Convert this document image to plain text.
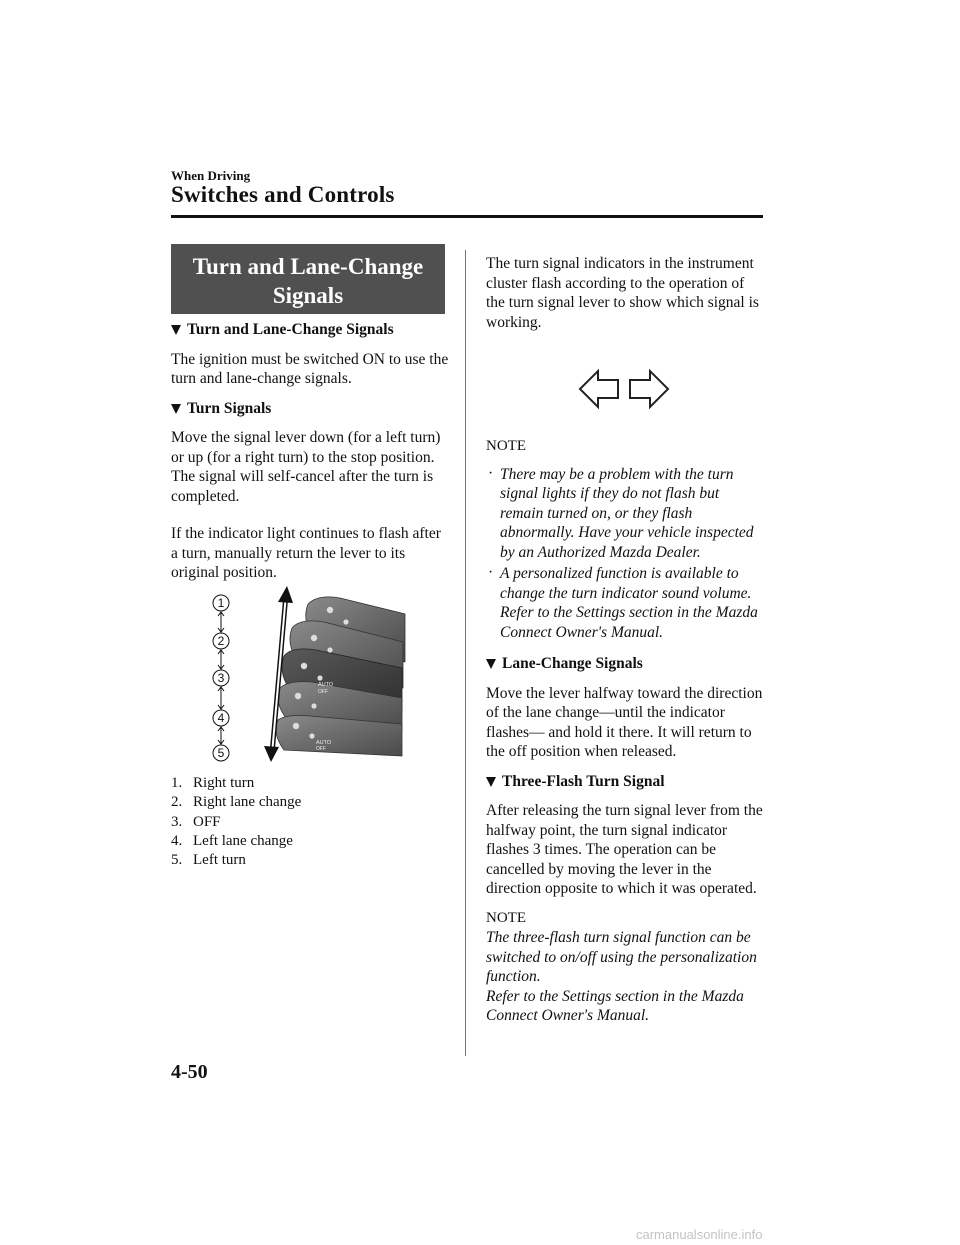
When Driving
Switches and Controls
Turn and Lane-Change
Signals

Turn and Lane-Change Signals

The ignition must be switched ON to use the turn and lane-change signals.

Turn Signals

Move the signal lever down (for a left turn) or up (for a right turn) to the stop position. The signal will self-cancel after the turn is completed.

If the indicator light continues to flash after a turn, manually return the lever to its original position.

AUTO
OFF
AUTO
OFF
1
2
3
4
5
1. Right turn
2. Right lane change
3. OFF
4. Left lane change
5. Left turn

The turn signal indicators in the instrument cluster flash according to the operation of the turn signal lever to show which signal is working.

NOTE

· There may be a problem with the turn signal lights if they do not flash but remain turned on, or they flash abnormally. Have your vehicle inspected by an Authorized Mazda Dealer.
· A personalized function is available to change the turn indicator sound volume. Refer to the Settings section in the Mazda Connect Owner's Manual.

Lane-Change Signals

Move the lever halfway toward the direction of the lane change―until the indicator flashes― and hold it there. It will return to the off position when released.

Three-Flash Turn Signal

After releasing the turn signal lever from the halfway point, the turn signal indicator flashes 3 times. The operation can be cancelled by moving the lever in the direction opposite to which it was operated.

NOTE

The three-flash turn signal function can be switched to on/off using the personalization function.

Refer to the Settings section in the Mazda Connect Owner's Manual.

4-50
carmanualsonline.info
